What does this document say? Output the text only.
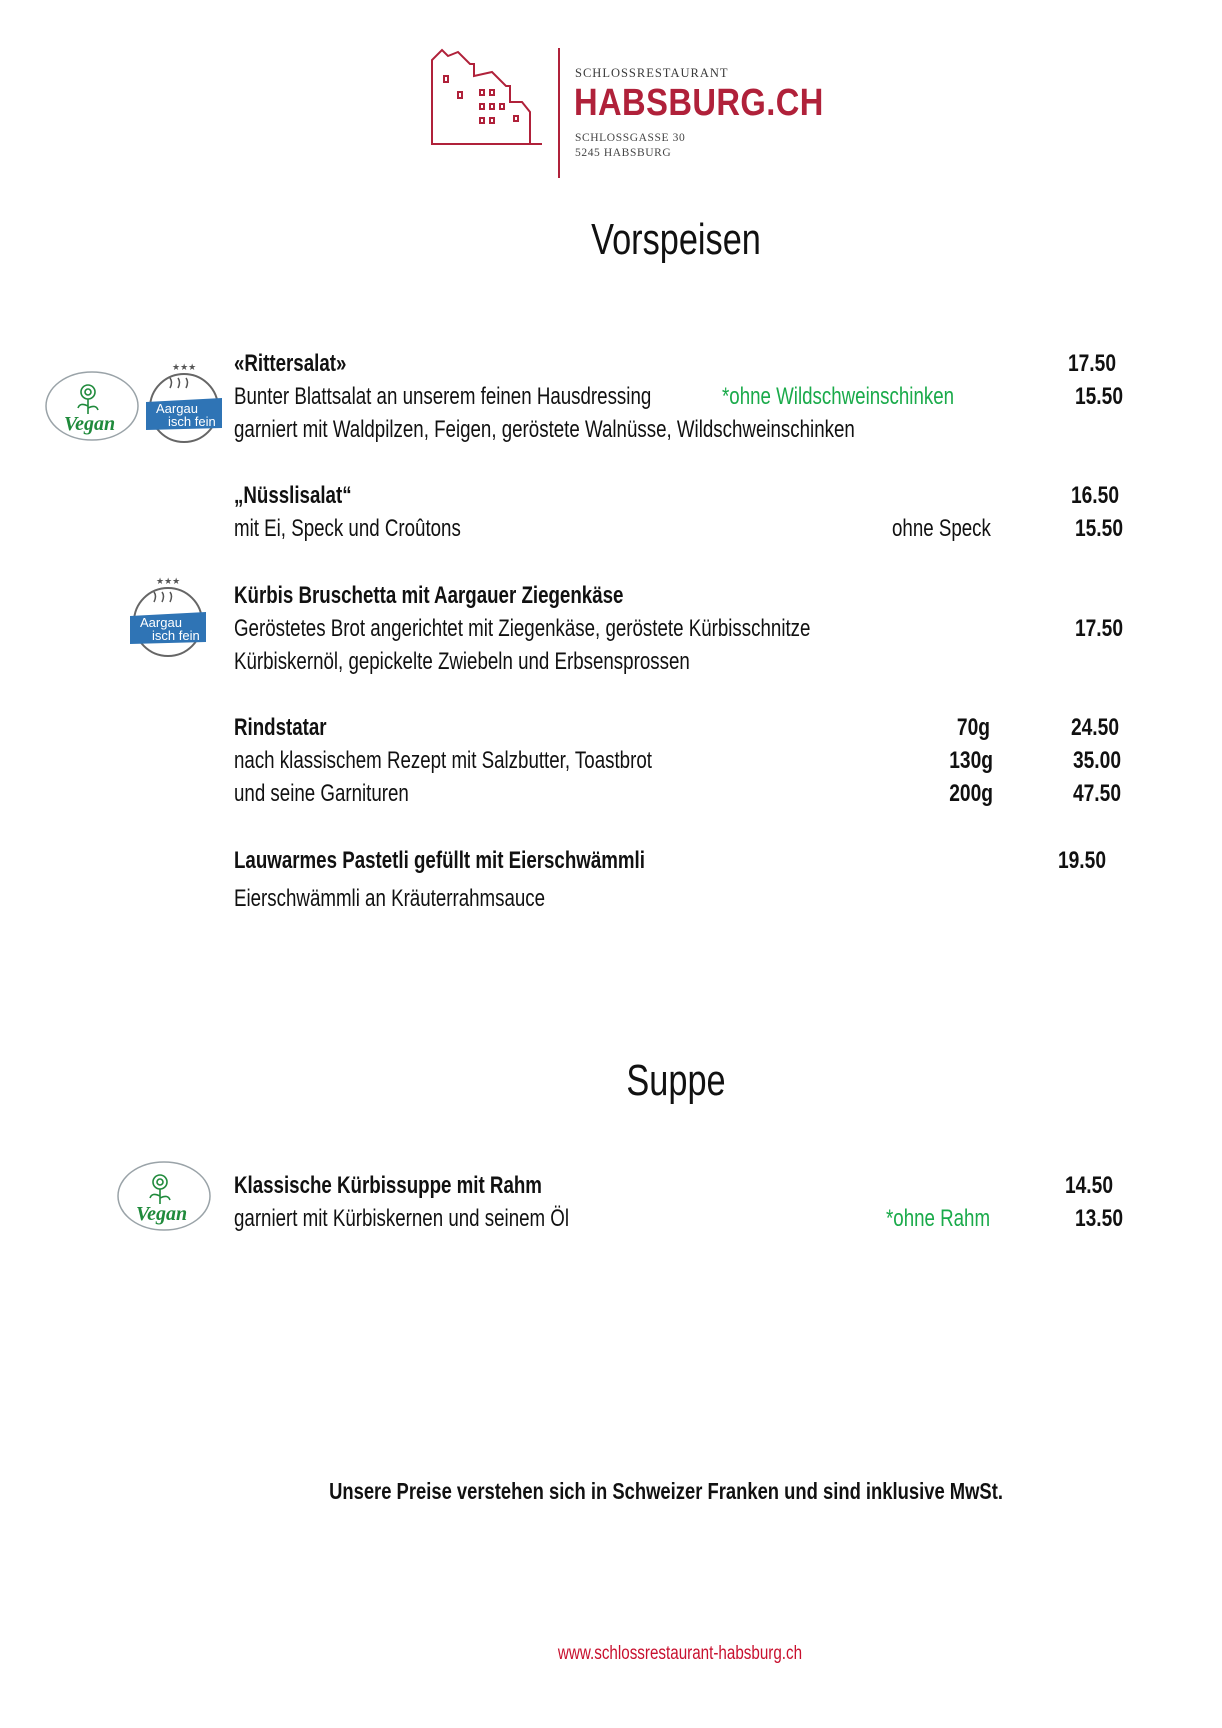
SCHLOSSRESTAURANT
HABSBURG.CH
SCHLOSSGASSE 30
5245 HABSBURG
Vorspeisen
Vegan
★★★
Aargau
isch fein
«Rittersalat»	17.50
Bunter Blattsalat an unserem feinen Hausdressing	*ohne Wildschweinschinken	15.50
garniert mit Waldpilzen, Feigen, geröstete Walnüsse, Wildschweinschinken
„Nüsslisalat“	16.50
mit Ei, Speck und Croûtons	ohne Speck	15.50
★★★
Aargau
isch fein
Kürbis Bruschetta mit Aargauer Ziegenkäse
Geröstetes Brot angerichtet mit Ziegenkäse, geröstete Kürbisschnitze	17.50
Kürbiskernöl, gepickelte Zwiebeln und Erbsensprossen
Rindstatar
nach klassischem Rezept mit Salzbutter, Toastbrot
und seine Garnituren
70g	24.50
130g	35.00
200g	47.50
Lauwarmes Pastetli gefüllt mit Eierschwämmli	19.50
Eierschwämmli an Kräuterrahmsauce
Suppe
Vegan
Klassische Kürbissuppe mit Rahm	14.50
garniert mit Kürbiskernen und seinem Öl	*ohne Rahm	13.50
Unsere Preise verstehen sich in Schweizer Franken und sind inklusive MwSt.
www.schlossrestaurant-habsburg.ch
